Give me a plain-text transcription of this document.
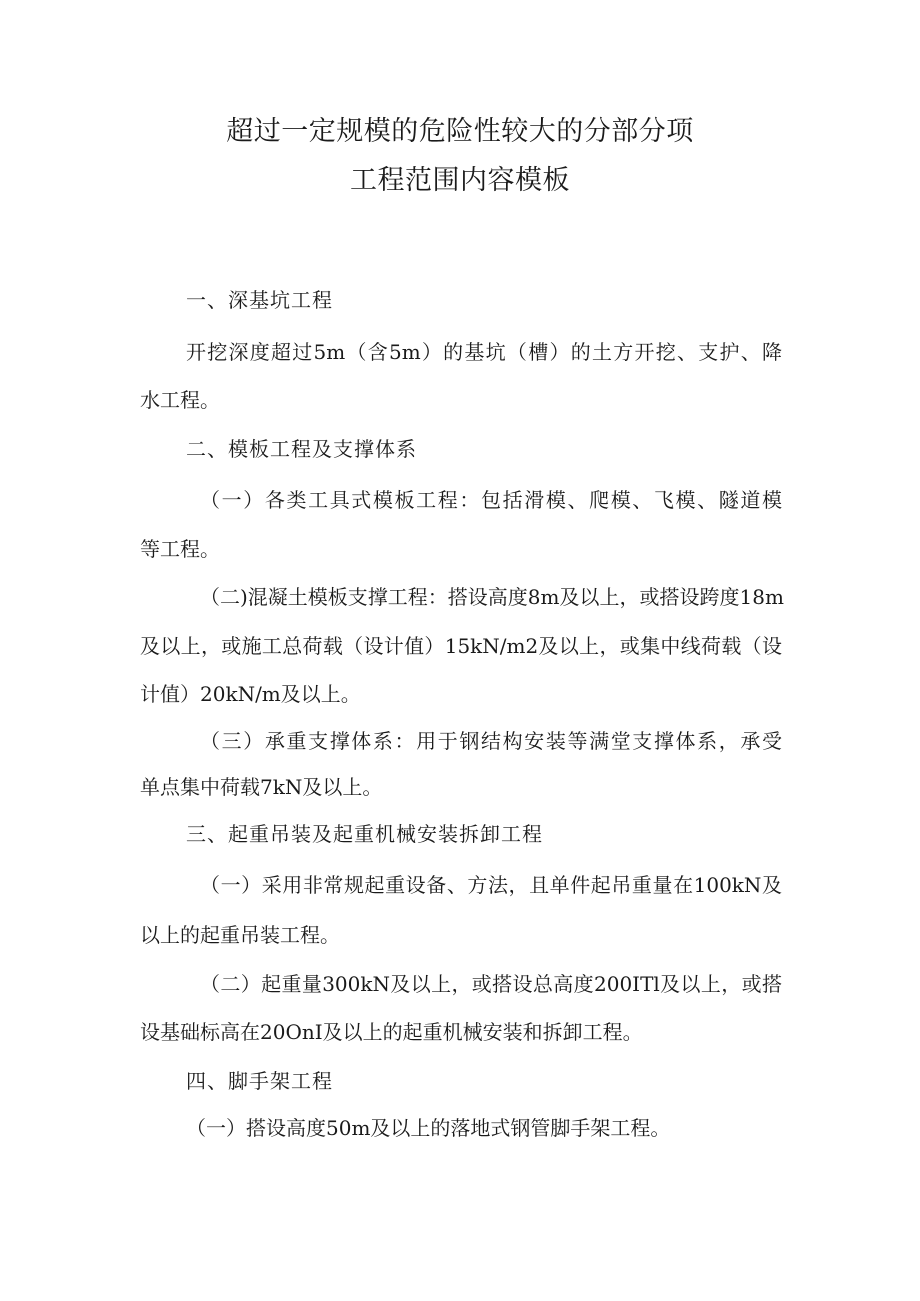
超过一定规模的危险性较大的分部分项
工程范围内容模板

一、深基坑工程

开挖深度超过5m（含5m）的基坑（槽）的土方开挖、支护、降

水工程。

二、模板工程及支撑体系

（一）各类工具式模板工程：包括滑模、爬模、飞模、隧道模

等工程。

（二)混凝土模板支撑工程：搭设高度8m及以上，或搭设跨度18m

及以上，或施工总荷载（设计值）15kN/m2及以上，或集中线荷载（设

计值）20kN/m及以上。

（三）承重支撑体系：用于钢结构安装等满堂支撑体系，承受

单点集中荷载7kN及以上。

三、起重吊装及起重机械安装拆卸工程

（一）采用非常规起重设备、方法，且单件起吊重量在100kN及

以上的起重吊装工程。

（二）起重量300kN及以上，或搭设总高度200ITl及以上，或搭

设基础标高在20OnI及以上的起重机械安装和拆卸工程。

四、脚手架工程

（一）搭设高度50m及以上的落地式钢管脚手架工程。
